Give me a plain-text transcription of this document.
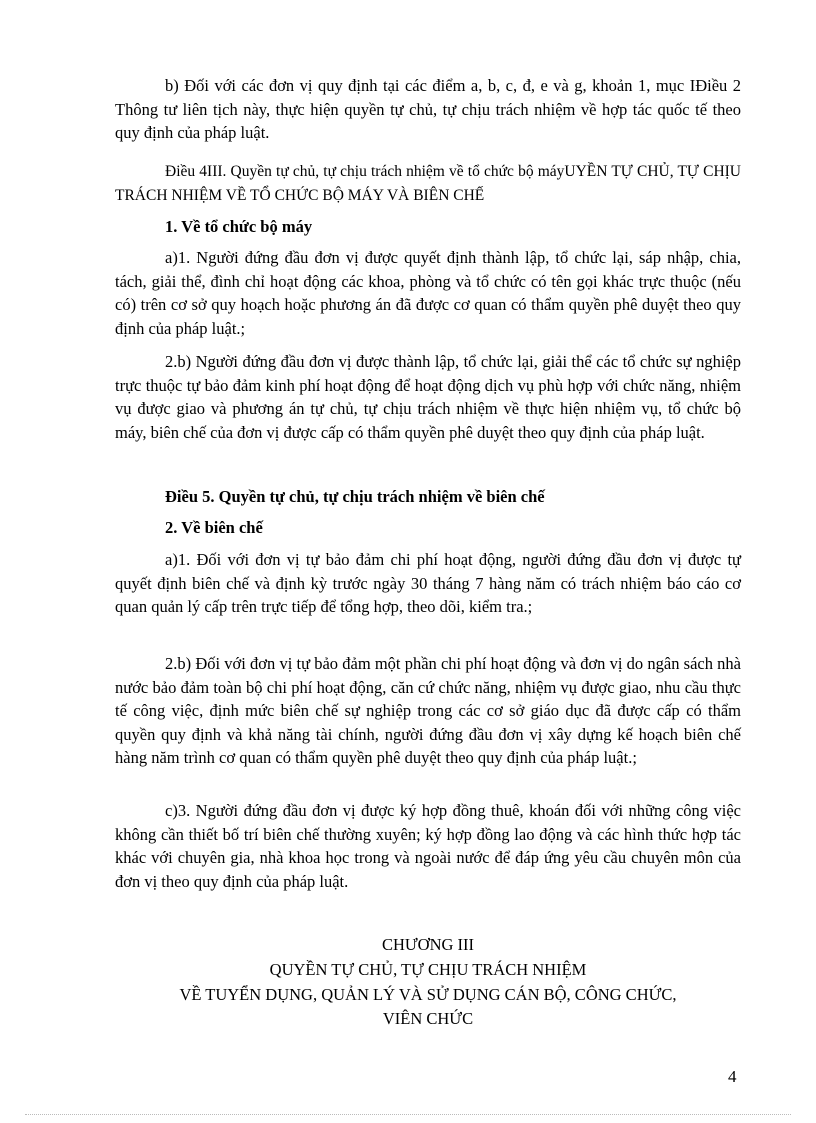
b) Đối với các đơn vị quy định tại các điểm a, b, c, đ, e và g, khoản 1, mục IĐiều 2 Thông tư liên tịch này, thực hiện quyền tự chủ, tự chịu trách nhiệm về hợp tác quốc tế theo quy định của pháp luật.

Điều 4III. Quyền tự chủ, tự chịu trách nhiệm về tổ chức bộ máyUYỀN TỰ CHỦ, TỰ CHỊU TRÁCH NHIỆM VỀ TỔ CHỨC BỘ MÁY VÀ BIÊN CHẾ

1. Về tổ chức bộ máy

a)1. Người đứng đầu đơn vị được quyết định thành lập, tổ chức lại, sáp nhập, chia, tách, giải thể, đình chỉ hoạt động các khoa, phòng và tổ chức có tên gọi khác trực thuộc (nếu có) trên cơ sở quy hoạch hoặc phương án đã được cơ quan có thẩm quyền phê duyệt theo quy định của pháp luật.;

2.b) Người đứng đầu đơn vị được thành lập, tổ chức lại, giải thể các tổ chức sự nghiệp trực thuộc tự bảo đảm kinh phí hoạt động để hoạt động dịch vụ phù hợp với chức năng, nhiệm vụ được giao và phương án tự chủ, tự chịu trách nhiệm về thực hiện nhiệm vụ, tổ chức bộ máy, biên chế của đơn vị được cấp có thẩm quyền phê duyệt theo quy định của pháp luật.

Điều 5. Quyền tự chủ, tự chịu trách nhiệm về biên chế

2. Về biên chế

a)1. Đối với đơn vị tự bảo đảm chi phí hoạt động, người đứng đầu đơn vị được tự quyết định biên chế và định kỳ trước ngày 30 tháng 7 hàng năm có trách nhiệm báo cáo cơ quan quản lý cấp trên trực tiếp để tổng hợp, theo dõi, kiểm tra.;

2.b) Đối với đơn vị tự bảo đảm một phần chi phí hoạt động và đơn vị do ngân sách nhà nước bảo đảm toàn bộ chi phí hoạt động, căn cứ chức năng, nhiệm vụ được giao, nhu cầu thực tế công việc, định mức biên chế sự nghiệp trong các cơ sở giáo dục đã được cấp có thẩm quyền quy định và khả năng tài chính, người đứng đầu đơn vị xây dựng kế hoạch biên chế hàng năm trình cơ quan có thẩm quyền phê duyệt theo quy định của pháp luật.;

c)3. Người đứng đầu đơn vị được ký hợp đồng thuê, khoán đối với những công việc không cần thiết bố trí biên chế thường xuyên; ký hợp đồng lao động và các hình thức hợp tác khác với chuyên gia, nhà khoa học trong và ngoài nước để đáp ứng yêu cầu chuyên môn của đơn vị theo quy định của pháp luật.

CHƯƠNG III

QUYỀN TỰ CHỦ, TỰ CHỊU TRÁCH NHIỆM

VỀ TUYỂN DỤNG, QUẢN LÝ VÀ SỬ DỤNG CÁN BỘ, CÔNG CHỨC,

VIÊN CHỨC

4
